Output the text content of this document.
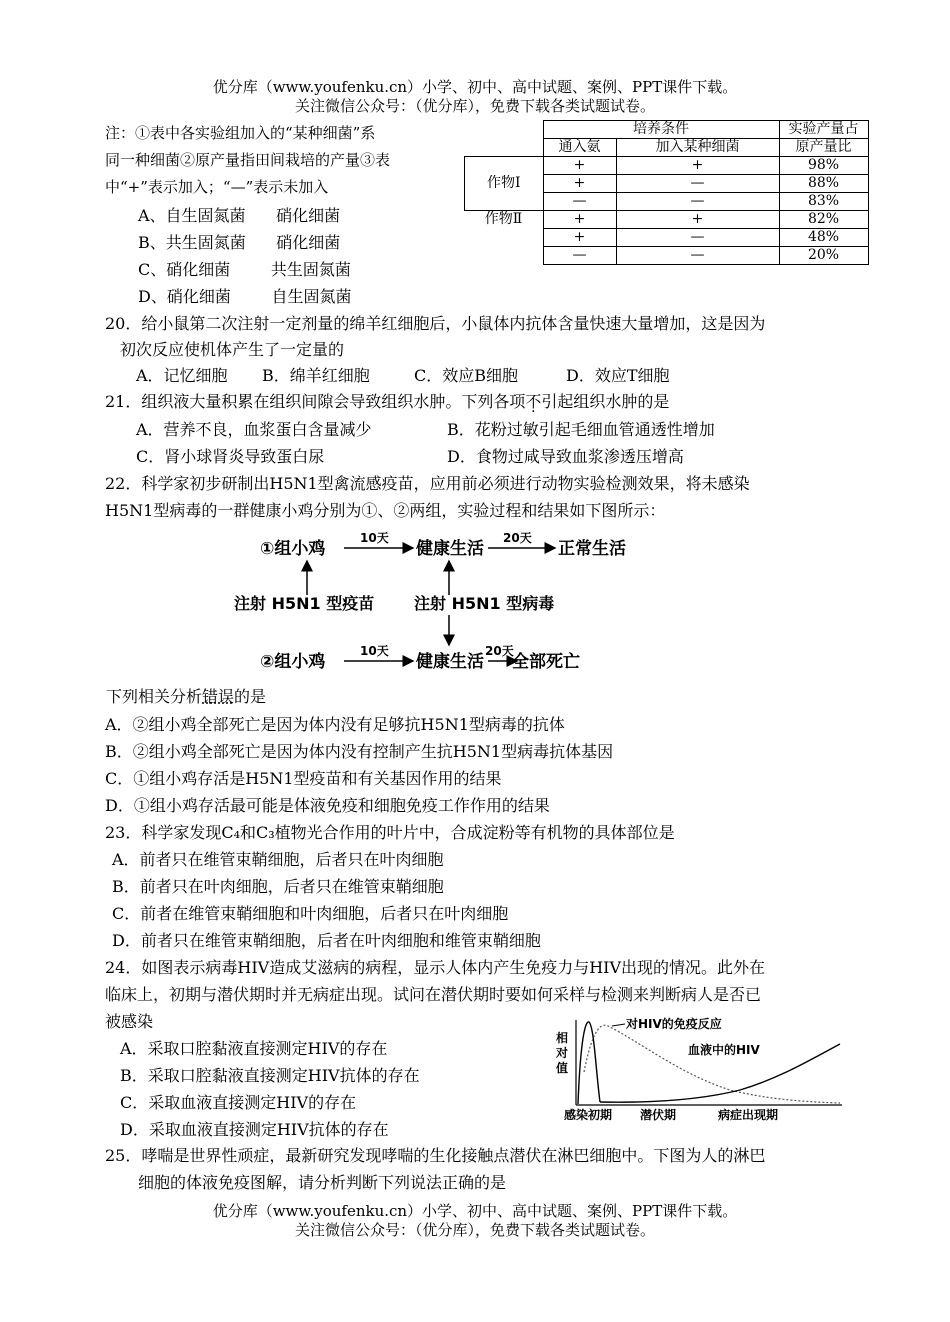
优分库（www.youfenku.cn）小学、初中、高中试题、案例、PPT课件下载。
关注微信公众号：（优分库），免费下载各类试题试卷。
注：①表中各实验组加入的“某种细菌”系
同一种细菌②原产量指田间栽培的产量③表
中“+”表示加入；“—”表示未加入
A、自生固氮菌      硝化细菌
B、共生固氮菌      硝化细菌
C、硝化细菌        共生固氮菌
D、硝化细菌        自生固氮菌
	培养条件		实验产量占
	通入氨	加入某种细菌	原产量比
作物Ⅰ	+	+	98%
	+	—	88%
	—	—	83%
作物Ⅱ	+	+	82%
	+	—	48%
	—	—	20%
20．给小鼠第二次注射一定剂量的绵羊红细胞后，小鼠体内抗体含量快速大量增加，这是因为
初次反应使机体产生了一定量的
A．记忆细胞 B．绵羊红细胞	C．效应B细胞	D．效应T细胞
21．组织液大量积累在组织间隙会导致组织水肿。下列各项不引起组织水肿的是
A．营养不良，血浆蛋白含量减少	B．花粉过敏引起毛细血管通透性增加
C．肾小球肾炎导致蛋白尿	D．食物过咸导致血浆渗透压增高
22．科学家初步研制出H5N1型禽流感疫苗，应用前必须进行动物实验检测效果，将未感染
H5N1型病毒的一群健康小鸡分别为①、②两组，实验过程和结果如下图所示：
①组小鸡
10天
健康生活
20天
正常生活
注射 H5N1 型疫苗 注射 H5N1 型病毒
②组小鸡
10天
健康生活
20天
全部死亡
下列相关分析错误的是
A．②组小鸡全部死亡是因为体内没有足够抗H5N1型病毒的抗体
B．②组小鸡全部死亡是因为体内没有控制产生抗H5N1型病毒抗体基因
C．①组小鸡存活是H5N1型疫苗和有关基因作用的结果
D．①组小鸡存活最可能是体液免疫和细胞免疫工作作用的结果
23．科学家发现C₄和C₃植物光合作用的叶片中，合成淀粉等有机物的具体部位是
A．前者只在维管束鞘细胞，后者只在叶肉细胞
B．前者只在叶肉细胞，后者只在维管束鞘细胞
C．前者在维管束鞘细胞和叶肉细胞，后者只在叶肉细胞
D．前者只在维管束鞘细胞，后者在叶肉细胞和维管束鞘细胞
24．如图表示病毒HIV造成艾滋病的病程，显示人体内产生免疫力与HIV出现的情况。此外在
临床上，初期与潜伏期时并无病症出现。试问在潜伏期时要如何采样与检测来判断病人是否已
被感染
A．采取口腔黏液直接测定HIV的存在
B．采取口腔黏液直接测定HIV抗体的存在
C．采取血液直接测定HIV的存在
D．采取血液直接测定HIV抗体的存在
相
对
值
对HIV的免疫反应
血液中的HIV
感染初期 潜伏期	病症出现期
25．哮喘是世界性顽症，最新研究发现哮喘的生化接触点潜伏在淋巴细胞中。下图为人的淋巴
细胞的体液免疫图解，请分析判断下列说法正确的是
优分库（www.youfenku.cn）小学、初中、高中试题、案例、PPT课件下载。
关注微信公众号：（优分库），免费下载各类试题试卷。
